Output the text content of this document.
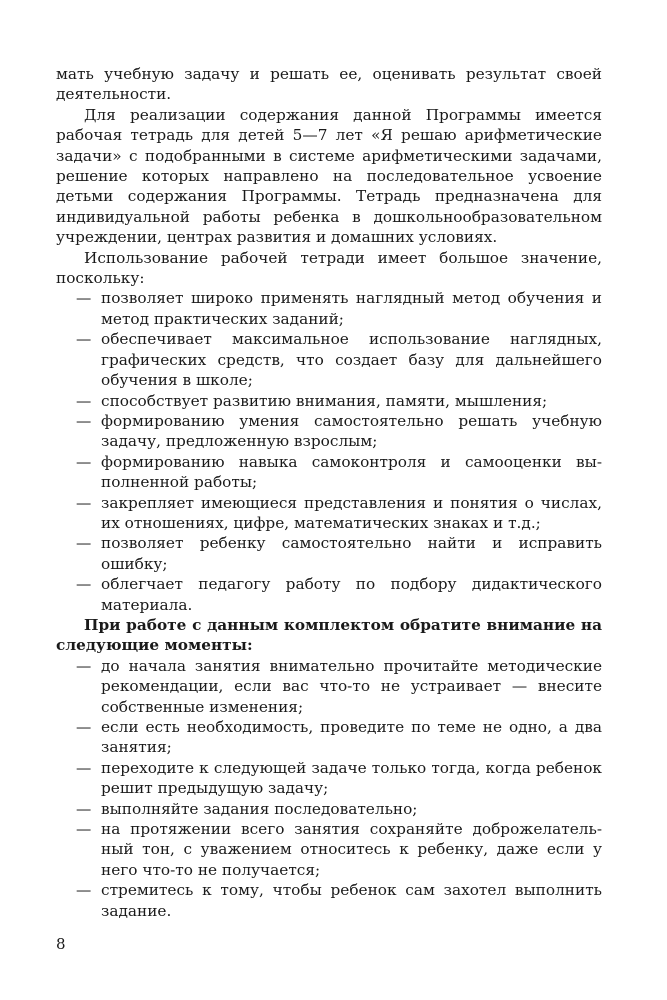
мать учебную задачу и решать ее, оценивать результат своей деятельности.

Для реализации содержания данной Программы имеется рабочая тетрадь для детей 5—7 лет «Я решаю арифметические задачи» с подобранными в системе арифметическими задачами, решение которых направлено на последовательное усвоение детьми содержания Программы. Тетрадь предназначена для индивидуальной работы ребенка в дошкольнообразовательном учреждении, центрах развития и домашних условиях.

Использование рабочей тетради имеет большое значение, поскольку:

— позволяет широко применять наглядный метод обучения и метод практических заданий;
— обеспечивает максимальное использование наглядных, графических средств, что создает базу для дальнейшего обучения в школе;
— способствует развитию внимания, памяти, мышления;
— формированию умения самостоятельно решать учебную задачу, предложенную взрослым;
— формированию навыка самоконтроля и самооценки выполненной работы;
— закрепляет имеющиеся представления и понятия о числах, их отношениях, цифре, математических знаках и т.д.;
— позволяет ребенку самостоятельно найти и исправить ошибку;
— облегчает педагогу работу по подбору дидактического материала.

При работе с данным комплектом обратите внимание на следующие моменты:

— до начала занятия внимательно прочитайте методические рекомендации, если вас что-то не устраивает — внесите собственные изменения;
— если есть необходимость, проведите по теме не одно, а два занятия;
— переходите к следующей задаче только тогда, когда ребенок решит предыдущую задачу;
— выполняйте задания последовательно;
— на протяжении всего занятия сохраняйте доброжелательный тон, с уважением относитесь к ребенку, даже если у него что-то не получается;
— стремитесь к тому, чтобы ребенок сам захотел выполнить задание.
8
